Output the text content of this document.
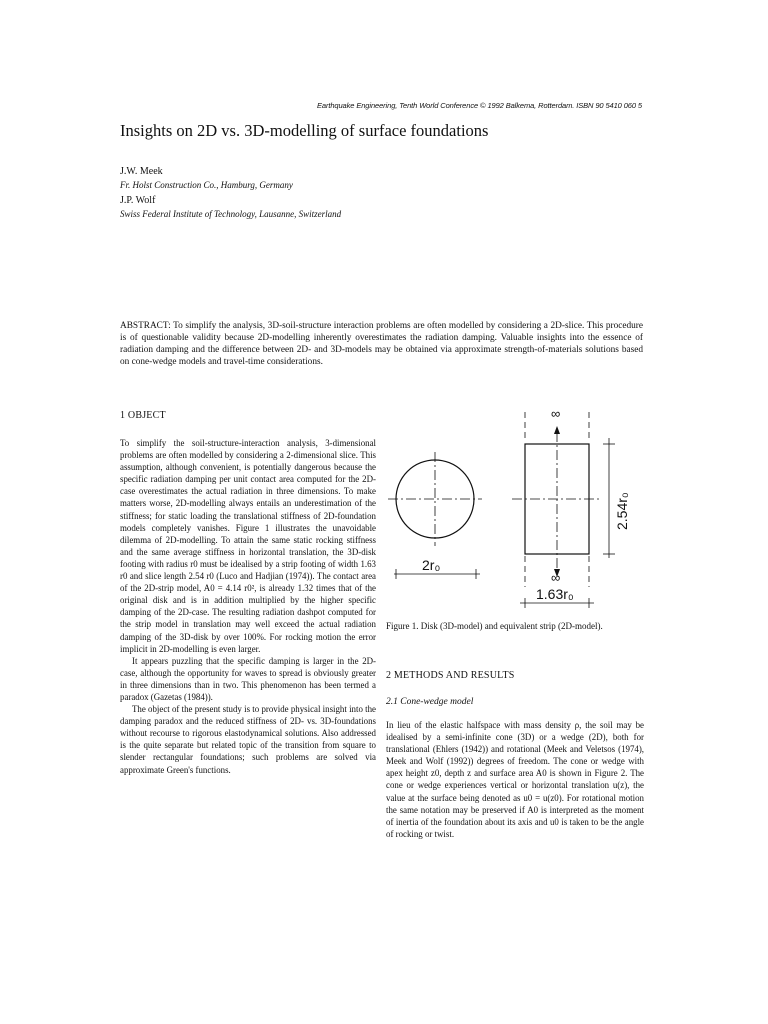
Earthquake Engineering, Tenth World Conference © 1992 Balkema, Rotterdam. ISBN 90 5410 060 5
Insights on 2D vs. 3D-modelling of surface foundations
J.W. Meek
Fr. Holst Construction Co., Hamburg, Germany
J.P. Wolf
Swiss Federal Institute of Technology, Lausanne, Switzerland
ABSTRACT: To simplify the analysis, 3D-soil-structure interaction problems are often modelled by considering a 2D-slice. This procedure is of questionable validity because 2D-modelling inherently overestimates the radiation damping. Valuable insights into the essence of radiation damping and the difference between 2D- and 3D-models may be obtained via approximate strength-of-materials solutions based on cone-wedge models and travel-time considerations.
1 OBJECT

To simplify the soil-structure-interaction analysis, 3-dimensional problems are often modelled by considering a 2-dimensional slice. This assumption, although convenient, is potentially dangerous because the specific radiation damping per unit contact area computed for the 2D-case overestimates the actual radiation in three dimensions. To make matters worse, 2D-modelling always entails an underestimation of the stiffness; for static loading the translational stiffness of 2D-foundation models completely vanishes. Figure 1 illustrates the unavoidable dilemma of 2D-modelling. To attain the same static rocking stiffness and the same average stiffness in horizontal translation, the 3D-disk footing with radius r0 must be idealised by a strip footing of width 1.63 r0 and slice length 2.54 r0 (Luco and Hadjian (1974)). The contact area of the 2D-strip model, A0 = 4.14 r0², is already 1.32 times that of the original disk and is in addition multiplied by the higher specific damping of the 2D-case. The resulting radiation dashpot computed for the strip model in translation may well exceed the actual radiation damping of the 3D-disk by over 100%. For rocking motion the error implicit in 2D-modelling is even larger.

It appears puzzling that the specific damping is larger in the 2D-case, although the opportunity for waves to spread is obviously greater in three dimensions than in two. This phenomenon has been termed a paradox (Gazetas (1984)).

The object of the present study is to provide physical insight into the damping paradox and the reduced stiffness of 2D- vs. 3D-foundations without recourse to rigorous elastodynamical solutions. Also addressed is the quite separate but related topic of the transition from square to slender rectangular foundations; such problems are solved via approximate Green's functions.

∞
∞
2r₀
1.63r₀
2.54r₀
Figure 1. Disk (3D-model) and equivalent strip (2D-model).
2 METHODS AND RESULTS
2.1 Cone-wedge model

In lieu of the elastic halfspace with mass density ρ, the soil may be idealised by a semi-infinite cone (3D) or a wedge (2D), both for translational (Ehlers (1942)) and rotational (Meek and Veletsos (1974), Meek and Wolf (1992)) degrees of freedom. The cone or wedge with apex height z0, depth z and surface area A0 is shown in Figure 2. The cone or wedge experiences vertical or horizontal translation u(z), the value at the surface being denoted as u0 = u(z0). For rotational motion the same notation may be preserved if A0 is interpreted as the moment of inertia of the foundation about its axis and u0 is taken to be the angle of rocking or twist.
